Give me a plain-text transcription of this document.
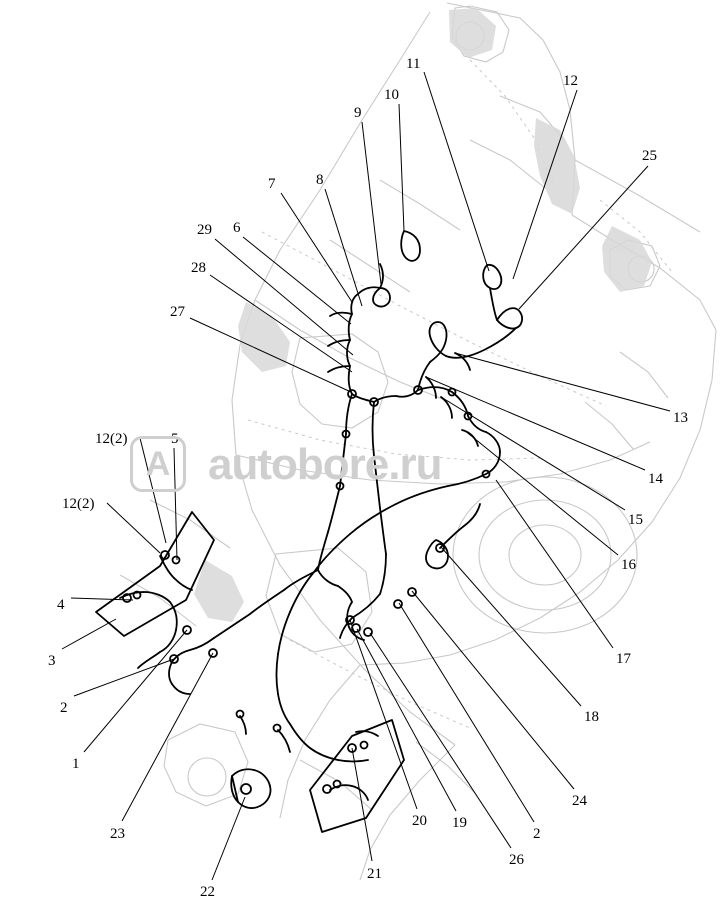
11
12
10
9
25
7	8
6
29
28
27
13
14
15
16
17
18
24
2
26
19
20
21
22
23
1
2
3
4
12(2)
12(2)	5
A autobore.ru
